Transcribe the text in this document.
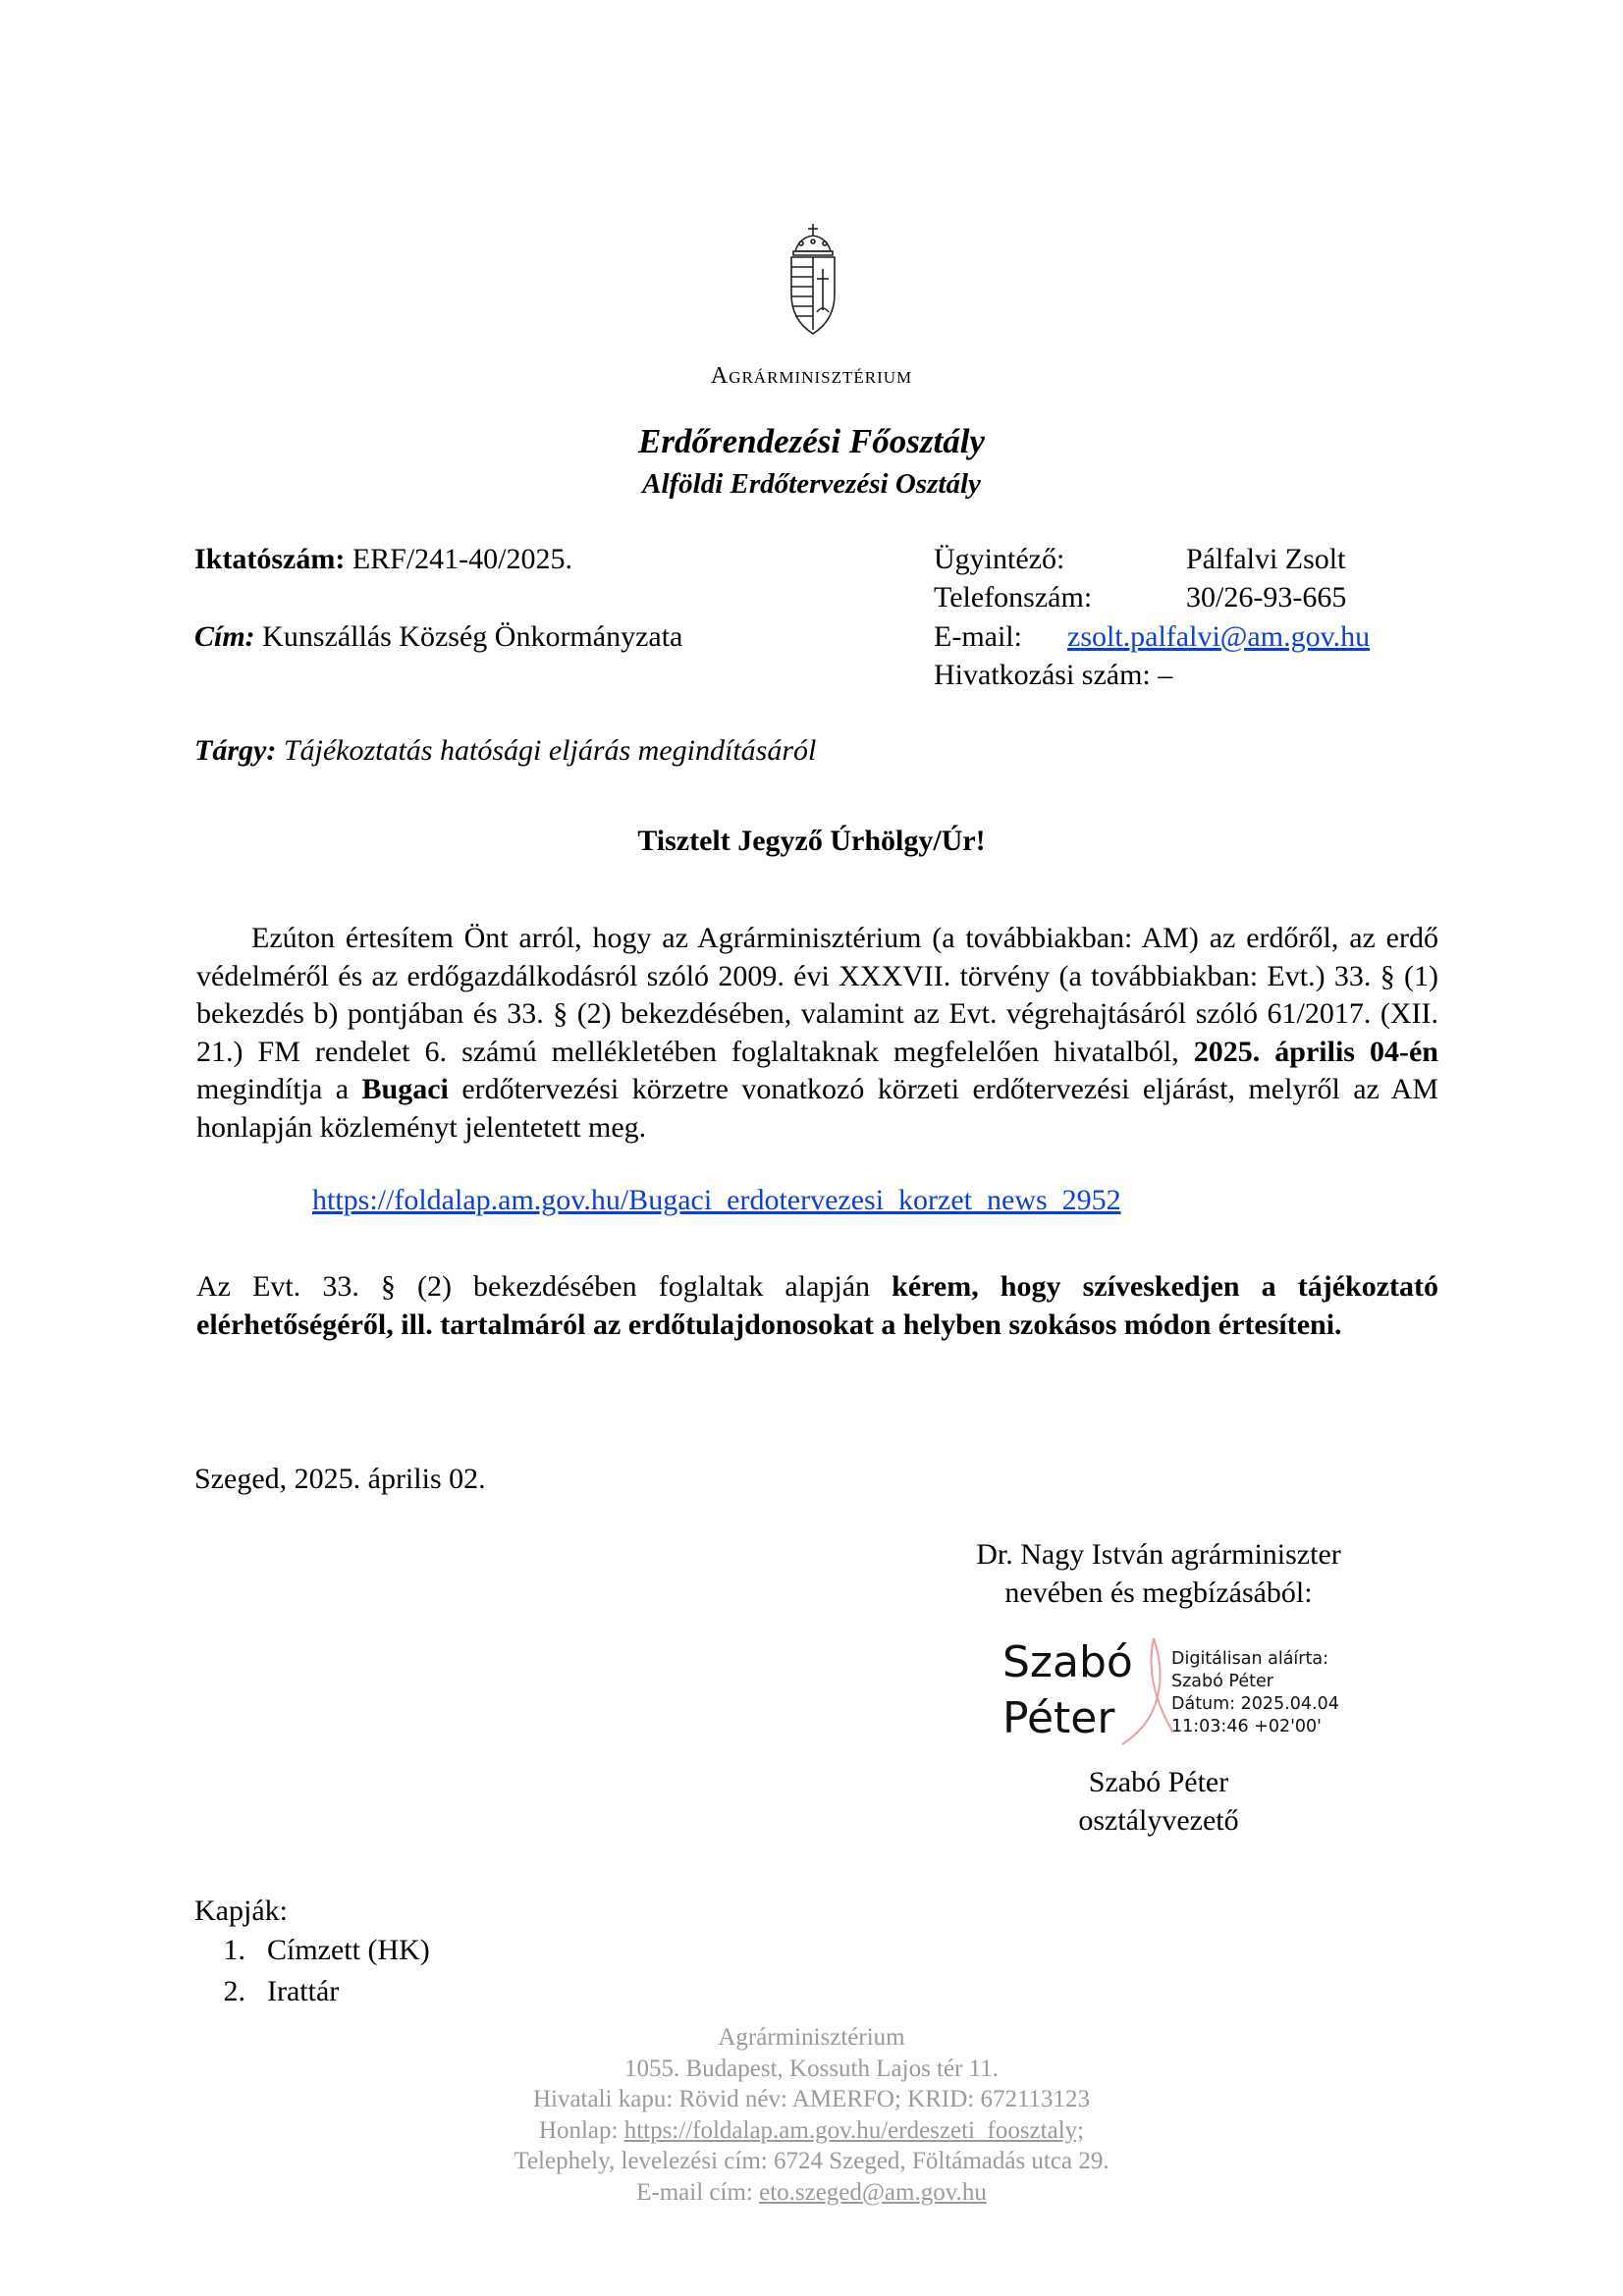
Agrárminisztérium
Erdőrendezési Főosztály
Alföldi Erdőtervezési Osztály
Iktatószám: ERF/241-40/2025.
Cím: Kunszállás Község Önkormányzata
Ügyintéző:	Pálfalvi Zsolt
Telefonszám:	30/26-93-665
E-mail: zsolt.palfalvi@am.gov.hu
Hivatkozási szám: –
Tárgy: Tájékoztatás hatósági eljárás megindításáról
Tisztelt Jegyző Úrhölgy/Úr!
Ezúton értesítem Önt arról, hogy az Agrárminisztérium (a továbbiakban: AM) az erdőről, az erdő védelméről és az erdőgazdálkodásról szóló 2009. évi XXXVII. törvény (a továbbiakban: Evt.) 33. § (1) bekezdés b) pontjában és 33. § (2) bekezdésében, valamint az Evt. végrehajtásáról szóló 61/2017. (XII. 21.) FM rendelet 6. számú mellékletében foglaltaknak megfelelően hivatalból, 2025. április 04-én megindítja a Bugaci erdőtervezési körzetre vonatkozó körzeti erdőtervezési eljárást, melyről az AM honlapján közleményt jelentetett meg.
https://foldalap.am.gov.hu/Bugaci_erdotervezesi_korzet_news_2952
Az Evt. 33. § (2) bekezdésében foglaltak alapján kérem, hogy szíveskedjen a tájékoztató elérhetőségéről, ill. tartalmáról az erdőtulajdonosokat a helyben szokásos módon értesíteni.
Szeged, 2025. április 02.
Dr. Nagy István agrárminiszter
nevében és megbízásából:
Szabó
Péter
Digitálisan aláírta:
Szabó Péter
Dátum: 2025.04.04
11:03:46 +02'00'
Szabó Péter
osztályvezető
Kapják:
1. Címzett (HK)
2. Irattár
Agrárminisztérium
1055. Budapest, Kossuth Lajos tér 11.
Hivatali kapu: Rövid név: AMERFO; KRID: 672113123
Honlap: https://foldalap.am.gov.hu/erdeszeti_foosztaly;
Telephely, levelezési cím: 6724 Szeged, Föltámadás utca 29.
E-mail cím: eto.szeged@am.gov.hu
